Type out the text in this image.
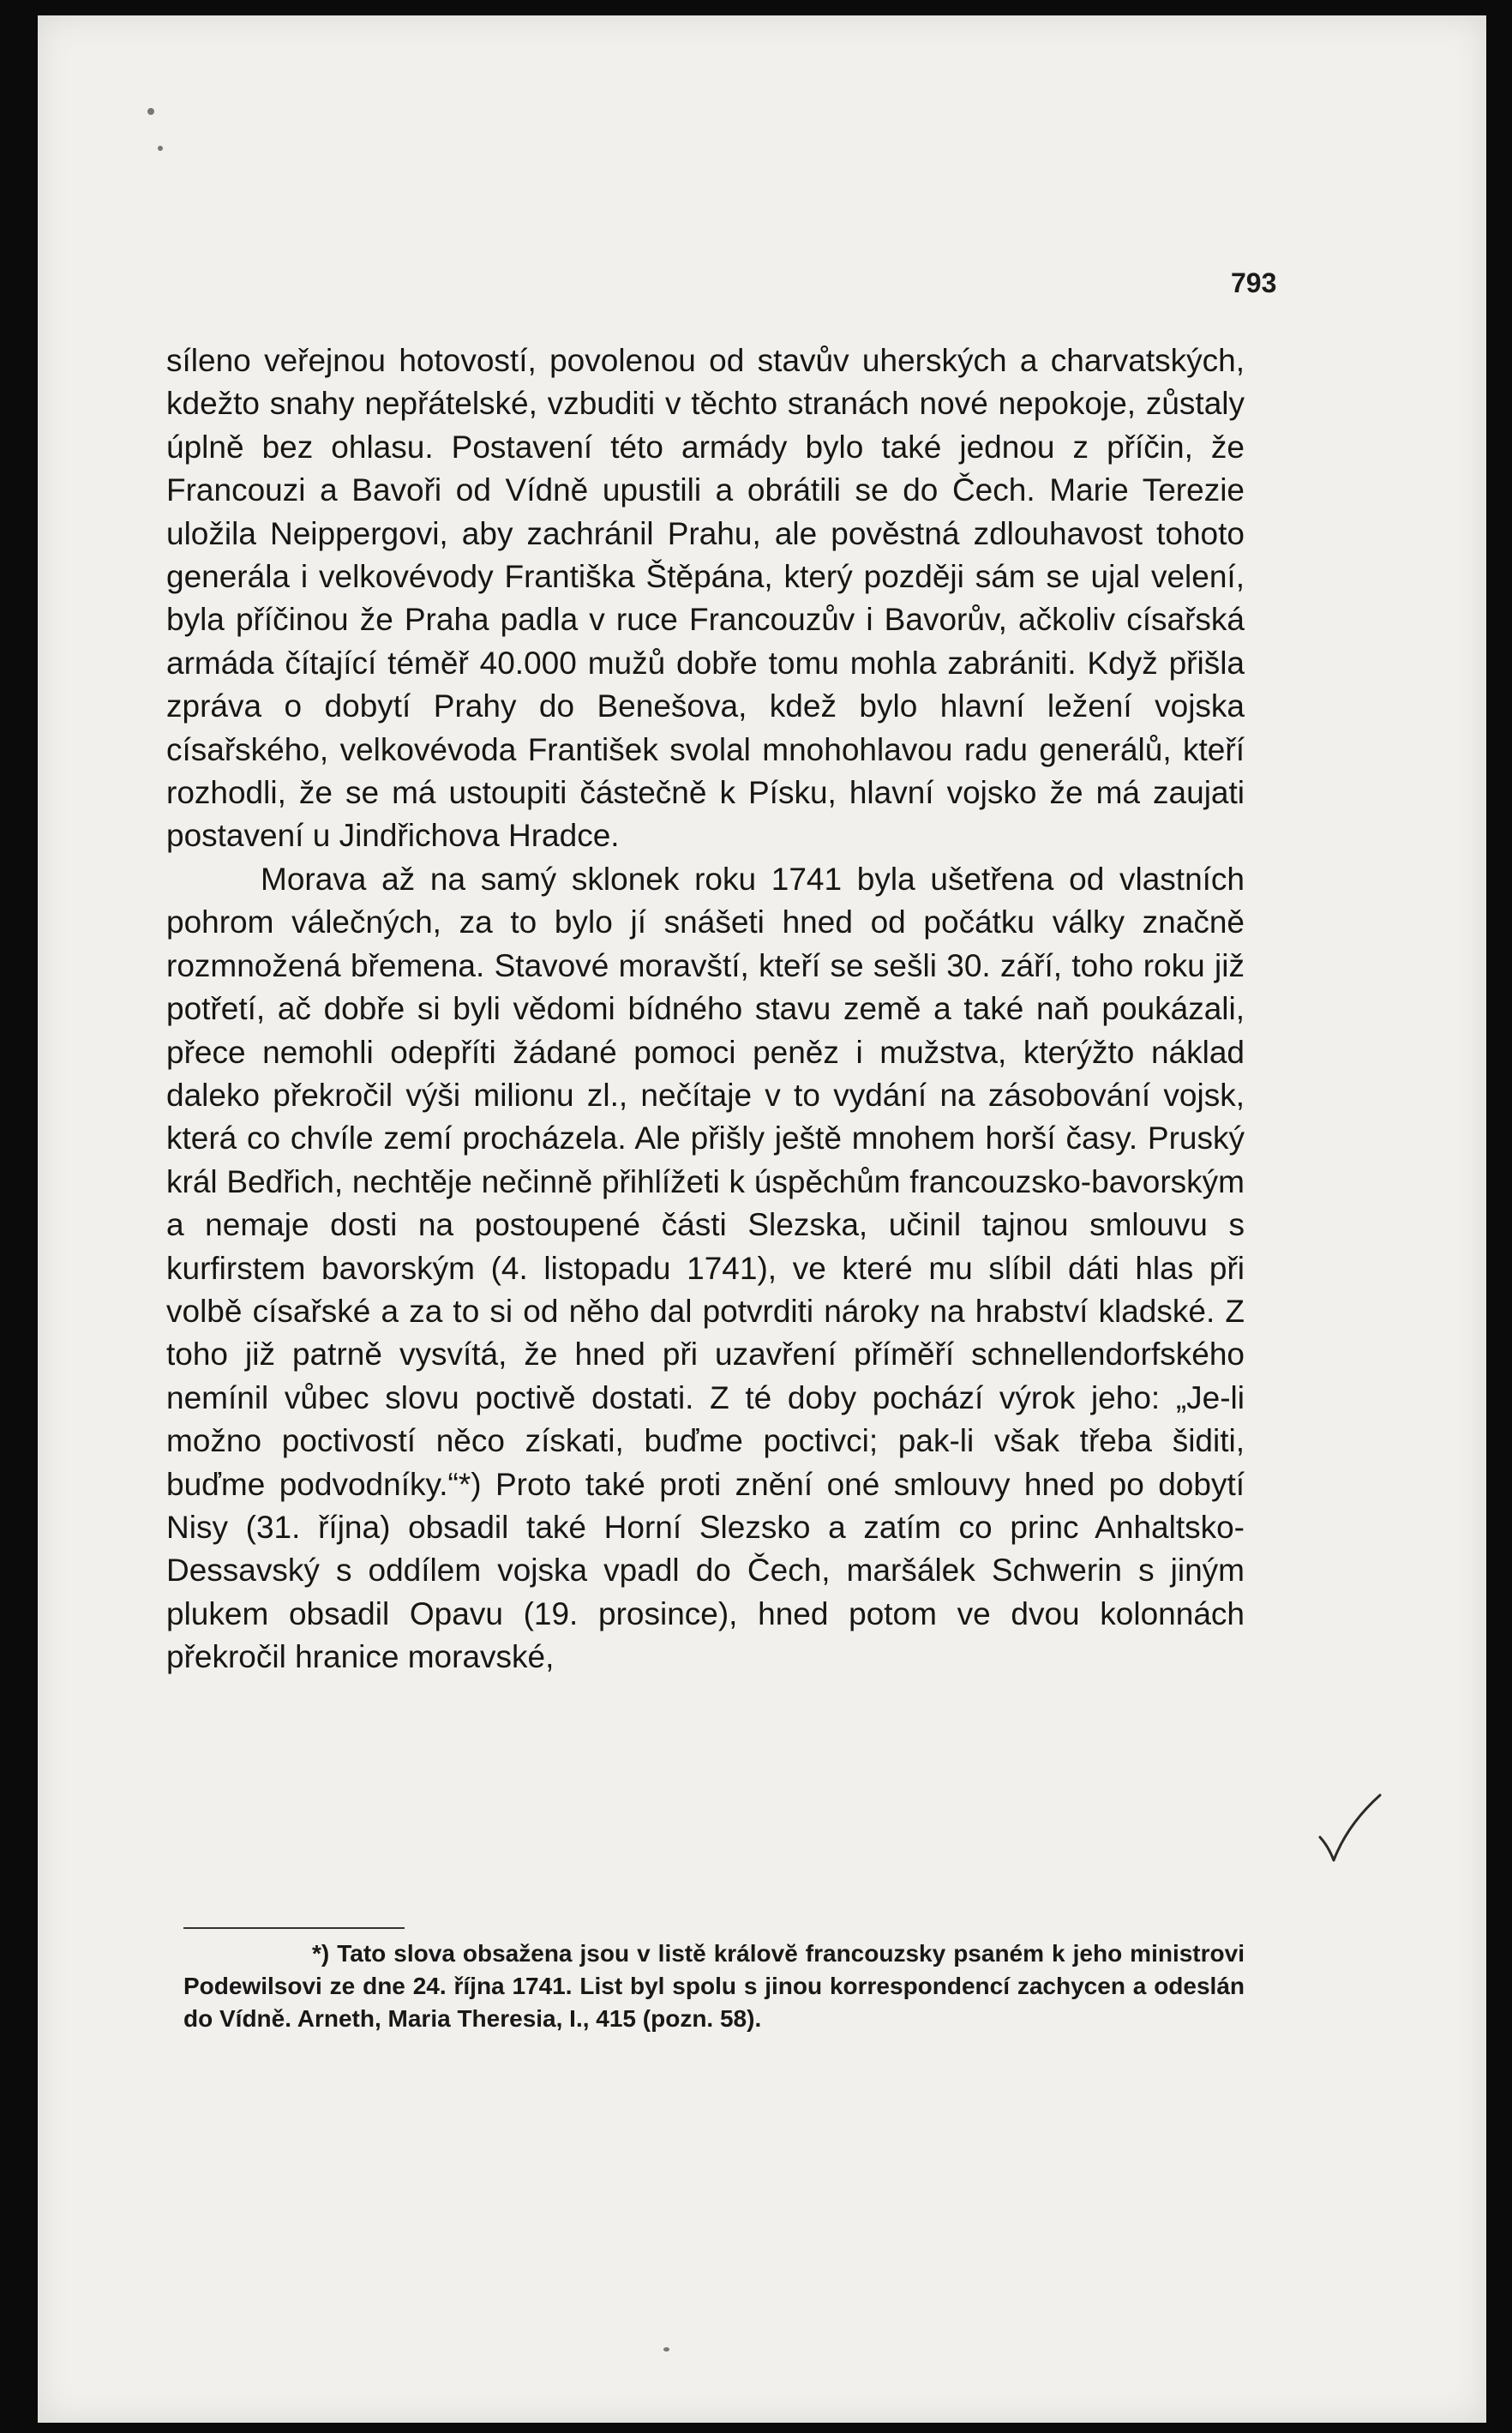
793

síleno veřejnou hotovostí, povolenou od stavův uherských a charvatských, kdežto snahy nepřátelské, vzbuditi v těchto stranách nové nepokoje, zůstaly úplně bez ohlasu. Postavení této armády bylo také jednou z příčin, že Francouzi a Bavoři od Vídně upustili a obrátili se do Čech. Marie Terezie uložila Neippergovi, aby zachránil Prahu, ale pověstná zdlouhavost tohoto generála i velkovévody Františka Štěpána, který později sám se ujal velení, byla příčinou že Praha padla v ruce Francouzův i Bavorův, ačkoliv císařská armáda čítající téměř 40.000 mužů dobře tomu mohla zabrániti. Když přišla zpráva o dobytí Prahy do Benešova, kdež bylo hlavní ležení vojska císařského, velkovévoda František svolal mnohohlavou radu generálů, kteří rozhodli, že se má ustoupiti částečně k Písku, hlavní vojsko že má zaujati postavení u Jindřichova Hradce.

Morava až na samý sklonek roku 1741 byla ušetřena od vlastních pohrom válečných, za to bylo jí snášeti hned od počátku války značně rozmnožená břemena. Stavové moravští, kteří se sešli 30. září, toho roku již potřetí, ač dobře si byli vědomi bídného stavu země a také naň poukázali, přece nemohli odepříti žádané pomoci peněz i mužstva, kterýžto náklad daleko překročil výši milionu zl., nečítaje v to vydání na zásobování vojsk, která co chvíle zemí procházela. Ale přišly ještě mnohem horší časy. Pruský král Bedřich, nechtěje nečinně přihlížeti k úspěchům francouzsko-bavorským a nemaje dosti na postoupené části Slezska, učinil tajnou smlouvu s kurfirstem bavorským (4. listopadu 1741), ve které mu slíbil dáti hlas při volbě císařské a za to si od něho dal potvrditi nároky na hrabství kladské. Z toho již patrně vysvítá, že hned při uzavření příměří schnellendorfského nemínil vůbec slovu poctivě dostati. Z té doby pochází výrok jeho: „Je-li možno poctivostí něco získati, buďme poctivci; pak-li však třeba šiditi, buďme podvodníky.“*) Proto také proti znění oné smlouvy hned po dobytí Nisy (31. října) obsadil také Horní Slezsko a zatím co princ Anhaltsko-Dessavský s oddílem vojska vpadl do Čech, maršálek Schwerin s jiným plukem obsadil Opavu (19. prosince), hned potom ve dvou kolonnách překročil hranice moravské,

*) Tato slova obsažena jsou v listě královĕ francouzsky psaném k jeho ministrovi Podewilsovi ze dne 24. října 1741. List byl spolu s jinou korrespondencí zachycen a odeslán do Vídně. Arneth, Maria Theresia, I., 415 (pozn. 58).
